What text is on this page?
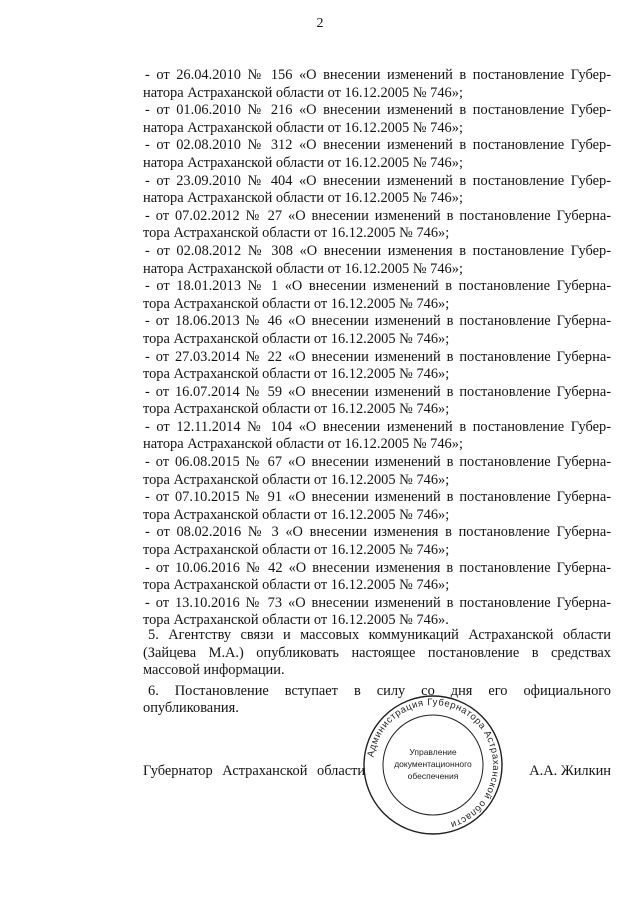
2

- от 26.04.2010 № 156 «О внесении изменений в постановление Губер-
натора Астраханской области от 16.12.2005 № 746»;

- от 01.06.2010 № 216 «О внесении изменений в постановление Губер-
натора Астраханской области от 16.12.2005 № 746»;

- от 02.08.2010 № 312 «О внесении изменений в постановление Губер-
натора Астраханской области от 16.12.2005 № 746»;

- от 23.09.2010 № 404 «О внесении изменений в постановление Губер-
натора Астраханской области от 16.12.2005 № 746»;

- от 07.02.2012 № 27 «О внесении изменений в постановление Губерна-
тора Астраханской области от 16.12.2005 № 746»;

- от 02.08.2012 № 308 «О внесении изменения в постановление Губер-
натора Астраханской области от 16.12.2005 № 746»;

- от 18.01.2013 № 1 «О внесении изменений в постановление Губерна-
тора Астраханской области от 16.12.2005 № 746»;

- от 18.06.2013 № 46 «О внесении изменений в постановление Губерна-
тора Астраханской области от 16.12.2005 № 746»;

- от 27.03.2014 № 22 «О внесении изменений в постановление Губерна-
тора Астраханской области от 16.12.2005 № 746»;

- от 16.07.2014 № 59 «О внесении изменений в постановление Губерна-
тора Астраханской области от 16.12.2005 № 746»;

- от 12.11.2014 № 104 «О внесении изменений в постановление Губер-
натора Астраханской области от 16.12.2005 № 746»;

- от 06.08.2015 № 67 «О внесении изменений в постановление Губерна-
тора Астраханской области от 16.12.2005 № 746»;

- от 07.10.2015 № 91 «О внесении изменений в постановление Губерна-
тора Астраханской области от 16.12.2005 № 746»;

- от 08.02.2016 № 3 «О внесении изменения в постановление Губерна-
тора Астраханской области от 16.12.2005 № 746»;

- от 10.06.2016 № 42 «О внесении изменения в постановление Губерна-
тора Астраханской области от 16.12.2005 № 746»;

- от 13.10.2016 № 73 «О внесении изменений в постановление Губерна-
тора Астраханской области от 16.12.2005 № 746».

5. Агентству связи и массовых коммуникаций Астраханской области (Зайцева М.А.) опубликовать настоящее постановление в средствах массовой информации.

6. Постановление вступает в силу со дня его официального опубликования.

Губернатор Астраханской области	А.А. Жилкин
Администрация Губернатора Астраханской области
Управление
документационного
обеспечения
